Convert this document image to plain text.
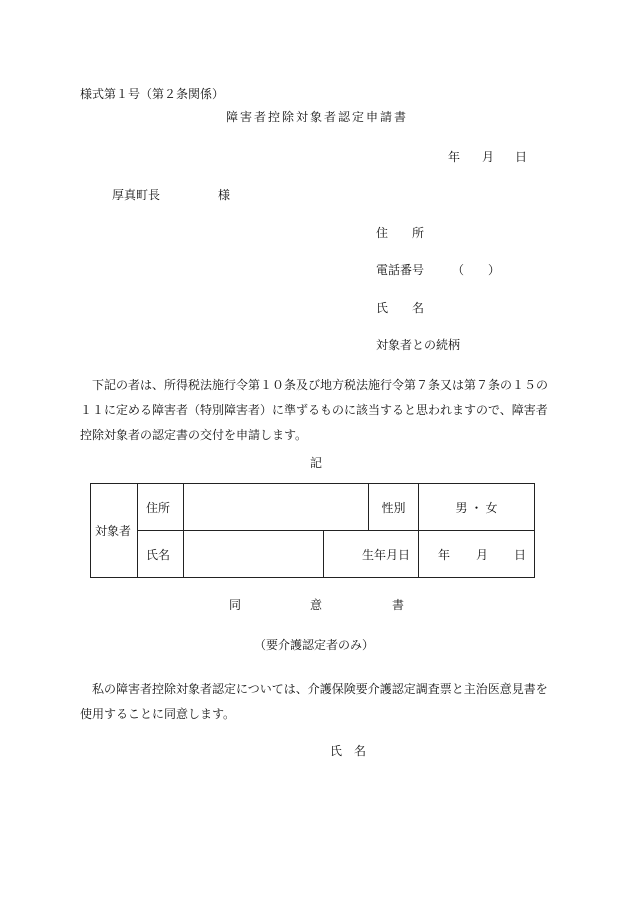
様式第１号（第２条関係）
障害者控除対象者認定申請書
年 月 日
厚真町長	様
住　　所
電話番号 （ ）
氏　　名
対象者との続柄
下記の者は、所得税法施行令第１０条及び地方税法施行令第７条又は第７条の１５の１１に定める障害者（特別障害者）に準ずるものに該当すると思われますので、障害者控除対象者の認定書の交付を申請します。
記
対象者	住所			性別	男 ・ 女
	氏名		生年月日		年 月 日
同	意	書
（要介護認定者のみ）
私の障害者控除対象者認定については、介護保険要介護認定調査票と主治医意見書を使用することに同意します。
氏　名
